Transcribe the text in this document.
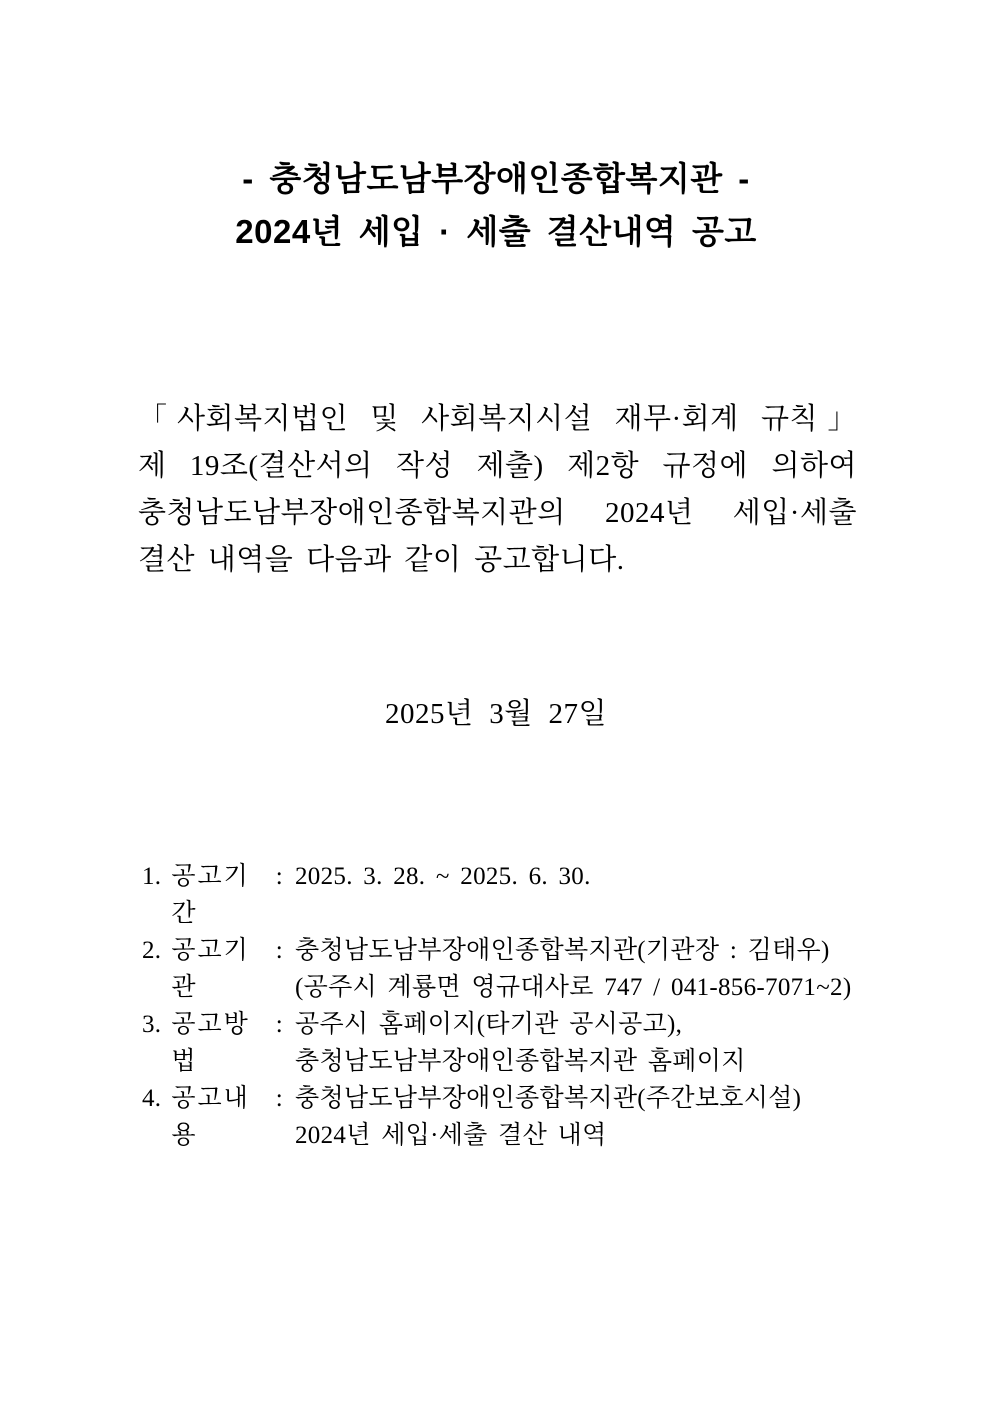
- 충청남도남부장애인종합복지관 -
2024년 세입 · 세출 결산내역 공고
「사회복지법인 및 사회복지시설 재무·회계 규칙」
제 19조(결산서의 작성 제출) 제2항 규정에 의하여
충청남도남부장애인종합복지관의 2024년 세입·세출
결산 내역을 다음과 같이 공고합니다.
2025년 3월 27일
1. 공고기간
: 2025. 3. 28. ~ 2025. 6. 30.
2. 공고기관
: 충청남도남부장애인종합복지관(기관장 : 김태우)
(공주시 계룡면 영규대사로 747 / 041-856-7071~2)
3. 공고방법
: 공주시 홈페이지(타기관 공시공고),
충청남도남부장애인종합복지관 홈페이지
4. 공고내용
: 충청남도남부장애인종합복지관(주간보호시설)
2024년 세입·세출 결산 내역
